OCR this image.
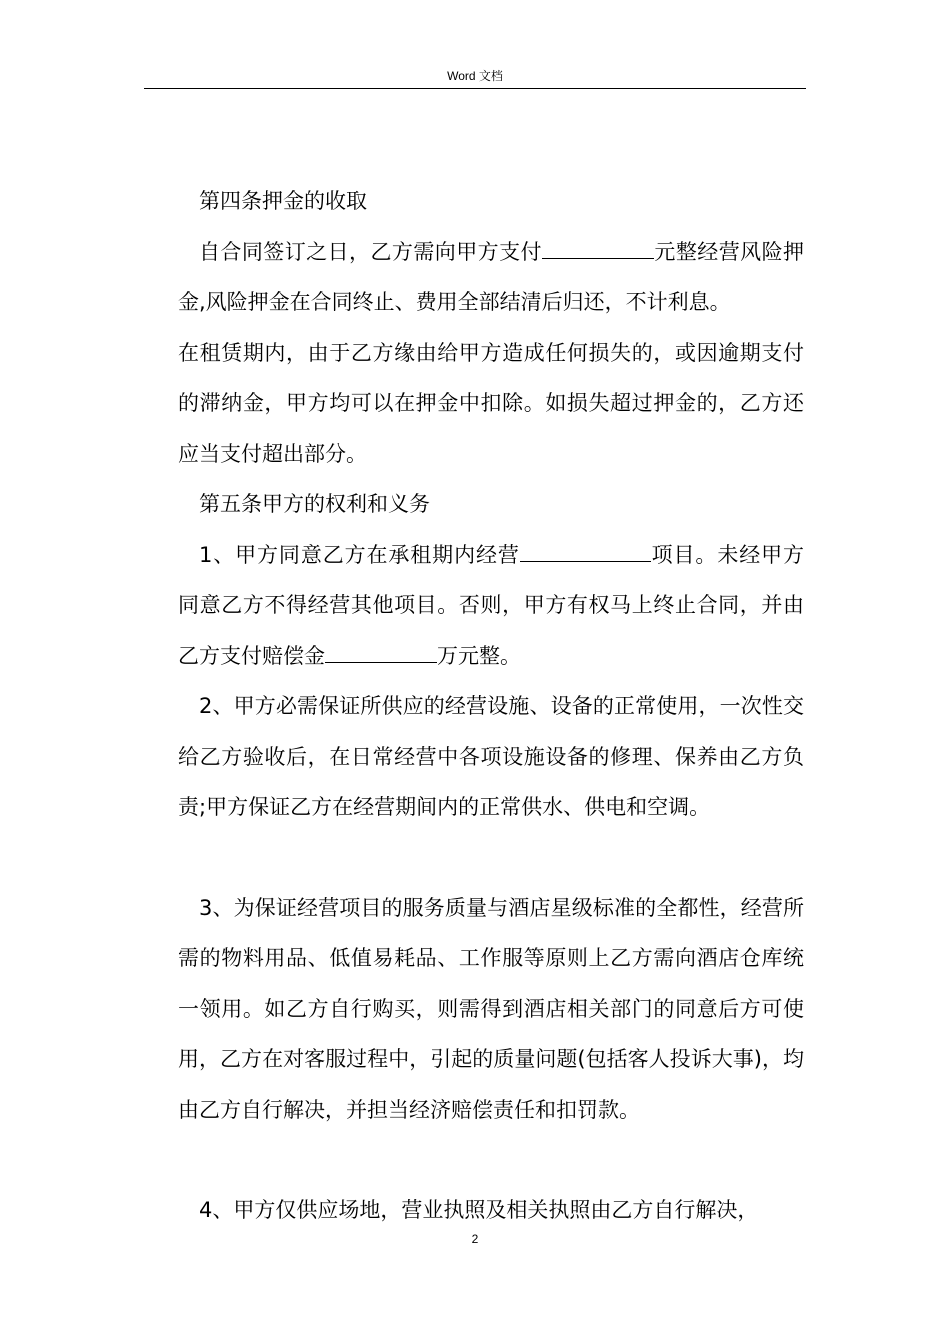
Word 文档

第四条押金的收取

自合同签订之日，乙方需向甲方支付	元整经营风险押金,风险押金在合同终止、费用全部结清后归还，不计利息。

在租赁期内，由于乙方缘由给甲方造成任何损失的，或因逾期支付的滞纳金，甲方均可以在押金中扣除。如损失超过押金的，乙方还应当支付超出部分。

第五条甲方的权利和义务

1、甲方同意乙方在承租期内经营	项目。未经甲方同意乙方不得经营其他项目。否则，甲方有权马上终止合同，并由乙方支付赔偿金	万元整。

2、甲方必需保证所供应的经营设施、设备的正常使用，一次性交给乙方验收后，在日常经营中各项设施设备的修理、保养由乙方负责;甲方保证乙方在经营期间内的正常供水、供电和空调。

3、为保证经营项目的服务质量与酒店星级标准的全都性，经营所需的物料用品、低值易耗品、工作服等原则上乙方需向酒店仓库统一领用。如乙方自行购买，则需得到酒店相关部门的同意后方可使用，乙方在对客服过程中，引起的质量问题(包括客人投诉大事)，均由乙方自行解决，并担当经济赔偿责任和扣罚款。

4、甲方仅供应场地，营业执照及相关执照由乙方自行解决，

2
